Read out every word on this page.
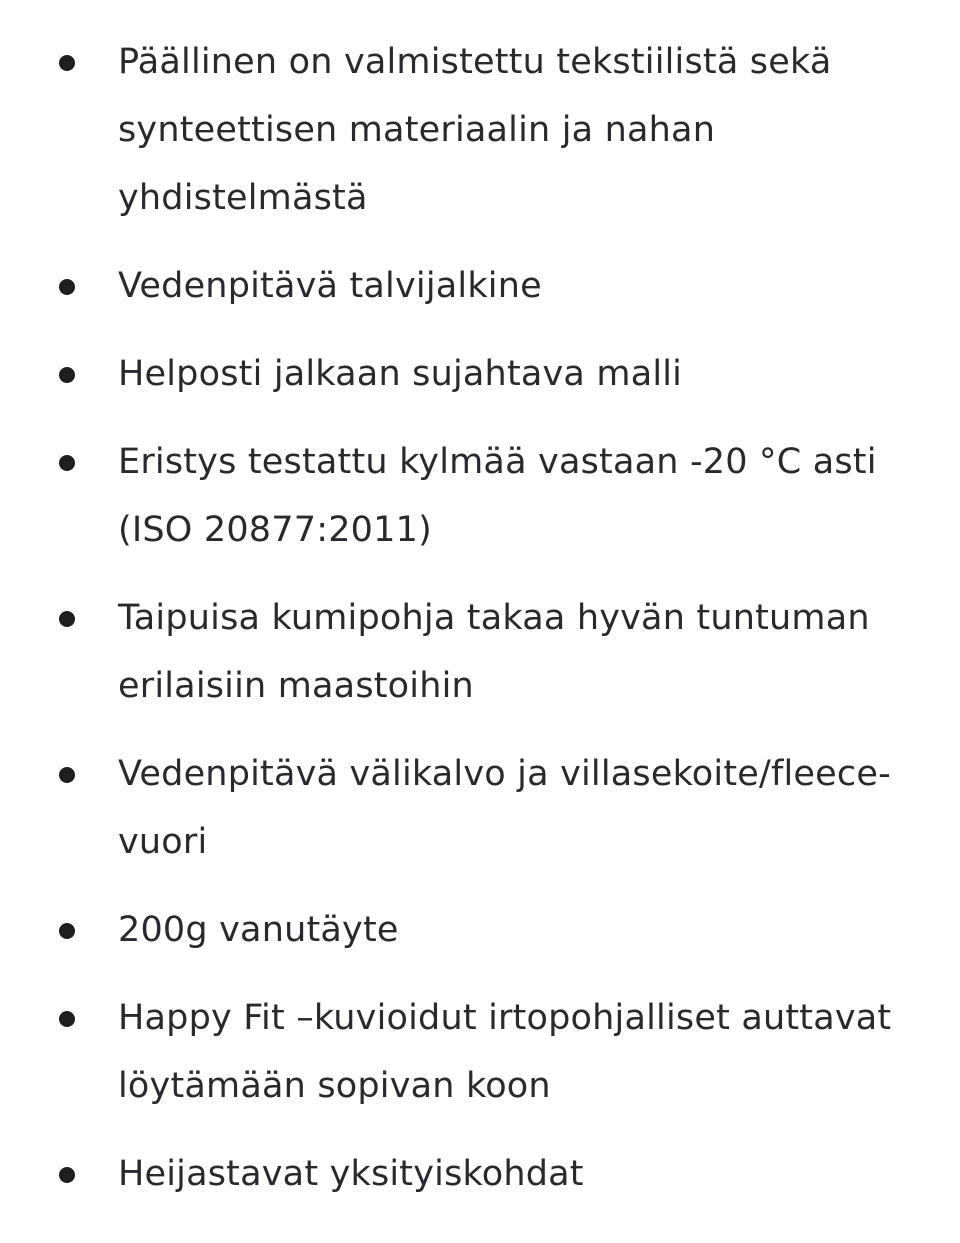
Päällinen on valmistettu tekstiilistä sekä synteettisen materiaalin ja nahan yhdistelmästä
Vedenpitävä talvijalkine
Helposti jalkaan sujahtava malli
Eristys testattu kylmää vastaan -20 °C asti (ISO 20877:2011)
Taipuisa kumipohja takaa hyvän tuntuman erilaisiin maastoihin
Vedenpitävä välikalvo ja villasekoite/fleece-vuori
200g vanutäyte
Happy Fit –kuvioidut irtopohjalliset auttavat löytämään sopivan koon
Heijastavat yksityiskohdat
